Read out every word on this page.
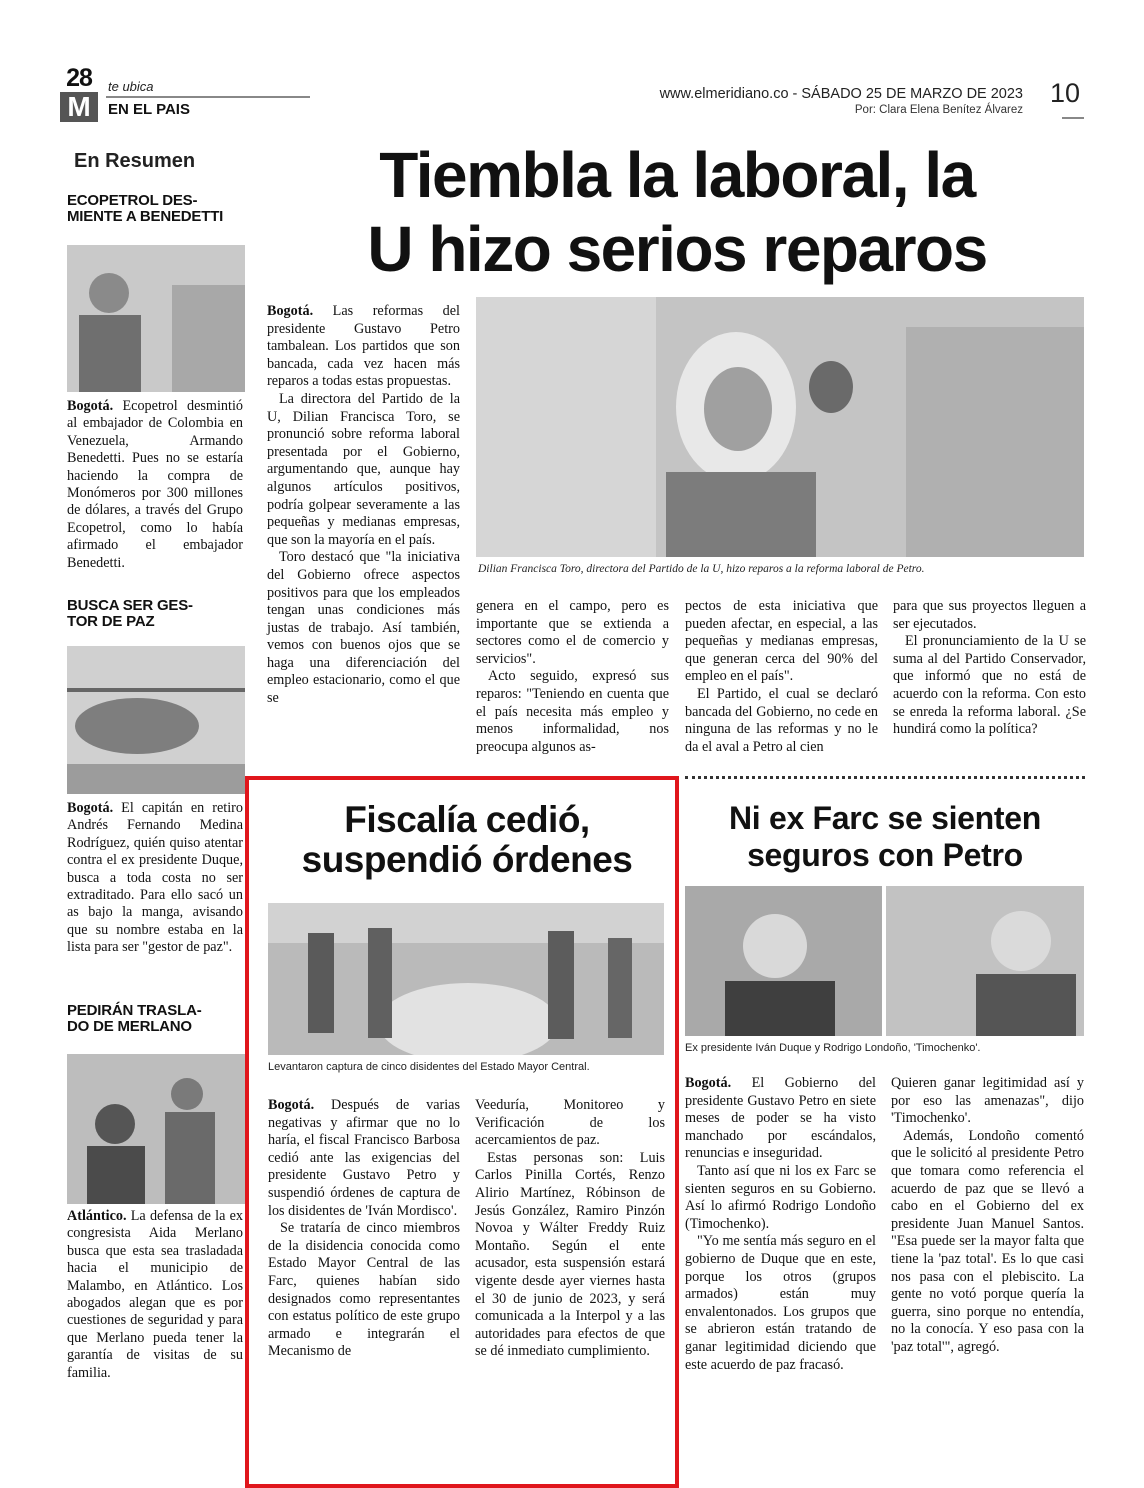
28
M
te ubica
EN EL PAIS
www.elmeridiano.co - SÁBADO 25 DE MARZO DE 2023
Por: Clara Elena Benítez Álvarez
10
En Resumen
ECOPETROL DES-
MIENTE A BENEDETTI
Bogotá. Ecopetrol desmintió al embajador de Colombia en Venezuela, Armando Benedetti. Pues no se estaría haciendo la compra de Monómeros por 300 millones de dólares, a través del Grupo Ecopetrol, como lo había afirmado el embajador Benedetti.
BUSCA SER GES-
TOR DE PAZ
Bogotá. El capitán en retiro Andrés Fernando Medina Rodríguez, quién quiso atentar contra el ex presidente Duque, busca a toda costa no ser extraditado. Para ello sacó un as bajo la manga, avisando que su nombre estaba en la lista para ser "gestor de paz".
PEDIRÁN TRASLA-
DO DE MERLANO
Atlántico. La defensa de la ex congresista Aida Merlano busca que esta sea trasladada hacia el municipio de Malambo, en Atlántico. Los abogados alegan que es por cuestiones de seguridad y para que Merlano pueda tener la garantía de visitas de su familia.
Tiembla la laboral, la
U hizo serios reparos
Dilian Francisca Toro, directora del Partido de la U, hizo reparos a la reforma laboral de Petro.

Bogotá. Las reformas del presidente Gustavo Petro tambalean. Los partidos que son bancada, cada vez hacen más reparos a todas estas propuestas.

La directora del Partido de la U, Dilian Francisca Toro, se pronunció sobre reforma laboral presentada por el Gobierno, argumentando que, aunque hay algunos artículos positivos, podría golpear severamente a las pequeñas y medianas empresas, que son la mayoría en el país.

Toro destacó que "la iniciativa del Gobierno ofrece aspectos positivos para que los empleados tengan unas condiciones más justas de trabajo. Así también, vemos con buenos ojos que se haga una diferenciación del empleo estacionario, como el que se

genera en el campo, pero es importante que se extienda a sectores como el de comercio y servicios".

Acto seguido, expresó sus reparos: "Teniendo en cuenta que el país necesita más empleo y menos informalidad, nos preocupa algunos as-

pectos de esta iniciativa que pueden afectar, en especial, a las pequeñas y medianas empresas, que generan cerca del 90% del empleo en el país".

El Partido, el cual se declaró bancada del Gobierno, no cede en ninguna de las reformas y no le da el aval a Petro al cien

para que sus proyectos lleguen a ser ejecutados.

El pronunciamiento de la U se suma al del Partido Conservador, que informó que no está de acuerdo con la reforma. Con esto se enreda la reforma laboral. ¿Se hundirá como la política?

Fiscalía cedió,
suspendió órdenes
Levantaron captura de cinco disidentes del Estado Mayor Central.

Bogotá. Después de varias negativas y afirmar que no lo haría, el fiscal Francisco Barbosa cedió ante las exigencias del presidente Gustavo Petro y suspendió órdenes de captura de los disidentes de 'Iván Mordisco'.

Se trataría de cinco miembros de la disidencia conocida como Estado Mayor Central de las Farc, quienes habían sido designados como representantes con estatus político de este grupo armado e integrarán el Mecanismo de

Veeduría, Monitoreo y Verificación de los acercamientos de paz.

Estas personas son: Luis Carlos Pinilla Cortés, Renzo Alirio Martínez, Róbinson de Jesús González, Ramiro Pinzón Novoa y Wálter Freddy Ruiz Montaño. Según el ente acusador, esta suspensión estará vigente desde ayer viernes hasta el 30 de junio de 2023, y será comunicada a la Interpol y a las autoridades para efectos de que se dé inmediato cumplimiento.

Ni ex Farc se sienten
seguros con Petro
Ex presidente Iván Duque y Rodrigo Londoño, 'Timochenko'.

Bogotá. El Gobierno del presidente Gustavo Petro en siete meses de poder se ha visto manchado por escándalos, renuncias e inseguridad.

Tanto así que ni los ex Farc se sienten seguros en su Gobierno. Así lo afirmó Rodrigo Londoño (Timochenko).

"Yo me sentía más seguro en el gobierno de Duque que en este, porque los otros (grupos armados) están muy envalentonados. Los grupos que se abrieron están tratando de ganar legitimidad diciendo que este acuerdo de paz fracasó.

Quieren ganar legitimidad así y por eso las amenazas", dijo 'Timochenko'.

Además, Londoño comentó que le solicitó al presidente Petro que tomara como referencia el acuerdo de paz que se llevó a cabo en el Gobierno del ex presidente Juan Manuel Santos. "Esa puede ser la mayor falta que tiene la 'paz total'. Es lo que casi nos pasa con el plebiscito. La gente no votó porque quería la guerra, sino porque no entendía, no la conocía. Y eso pasa con la 'paz total'", agregó.
